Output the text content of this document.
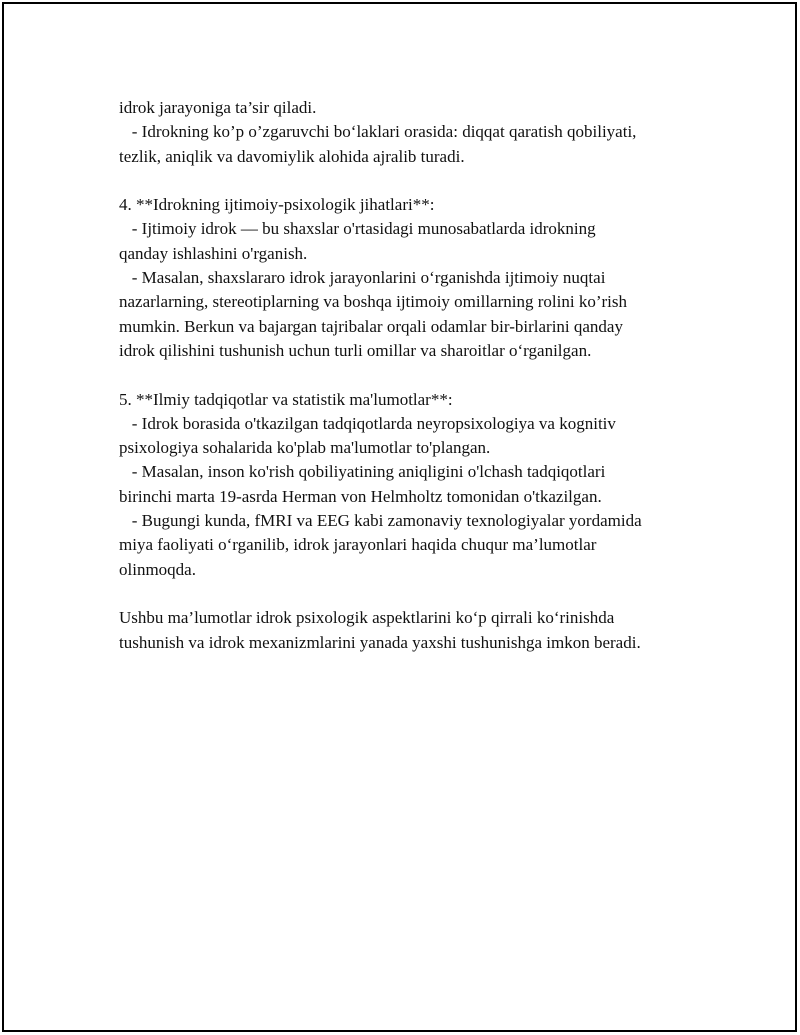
idrok jarayoniga ta’sir qiladi.
- Idrokning ko’p o’zgaruvchi bo‘laklari orasida: diqqat qaratish qobiliyati,
tezlik, aniqlik va davomiylik alohida ajralib turadi.
4. **Idrokning ijtimoiy-psixologik jihatlari**:
- Ijtimoiy idrok — bu shaxslar o'rtasidagi munosabatlarda idrokning
qanday ishlashini o'rganish.
- Masalan, shaxslararo idrok jarayonlarini o‘rganishda ijtimoiy nuqtai
nazarlarning, stereotiplarning va boshqa ijtimoiy omillarning rolini ko’rish
mumkin. Berkun va bajargan tajribalar orqali odamlar bir-birlarini qanday
idrok qilishini tushunish uchun turli omillar va sharoitlar o‘rganilgan.
5. **Ilmiy tadqiqotlar va statistik ma'lumotlar**:
- Idrok borasida o'tkazilgan tadqiqotlarda neyropsixologiya va kognitiv
psixologiya sohalarida ko'plab ma'lumotlar to'plangan.
- Masalan, inson ko'rish qobiliyatining aniqligini o'lchash tadqiqotlari
birinchi marta 19-asrda Herman von Helmholtz tomonidan o'tkazilgan.
- Bugungi kunda, fMRI va EEG kabi zamonaviy texnologiyalar yordamida
miya faoliyati o‘rganilib, idrok jarayonlari haqida chuqur ma’lumotlar
olinmoqda.
Ushbu ma’lumotlar idrok psixologik aspektlarini ko‘p qirrali ko‘rinishda
tushunish va idrok mexanizmlarini yanada yaxshi tushunishga imkon beradi.
